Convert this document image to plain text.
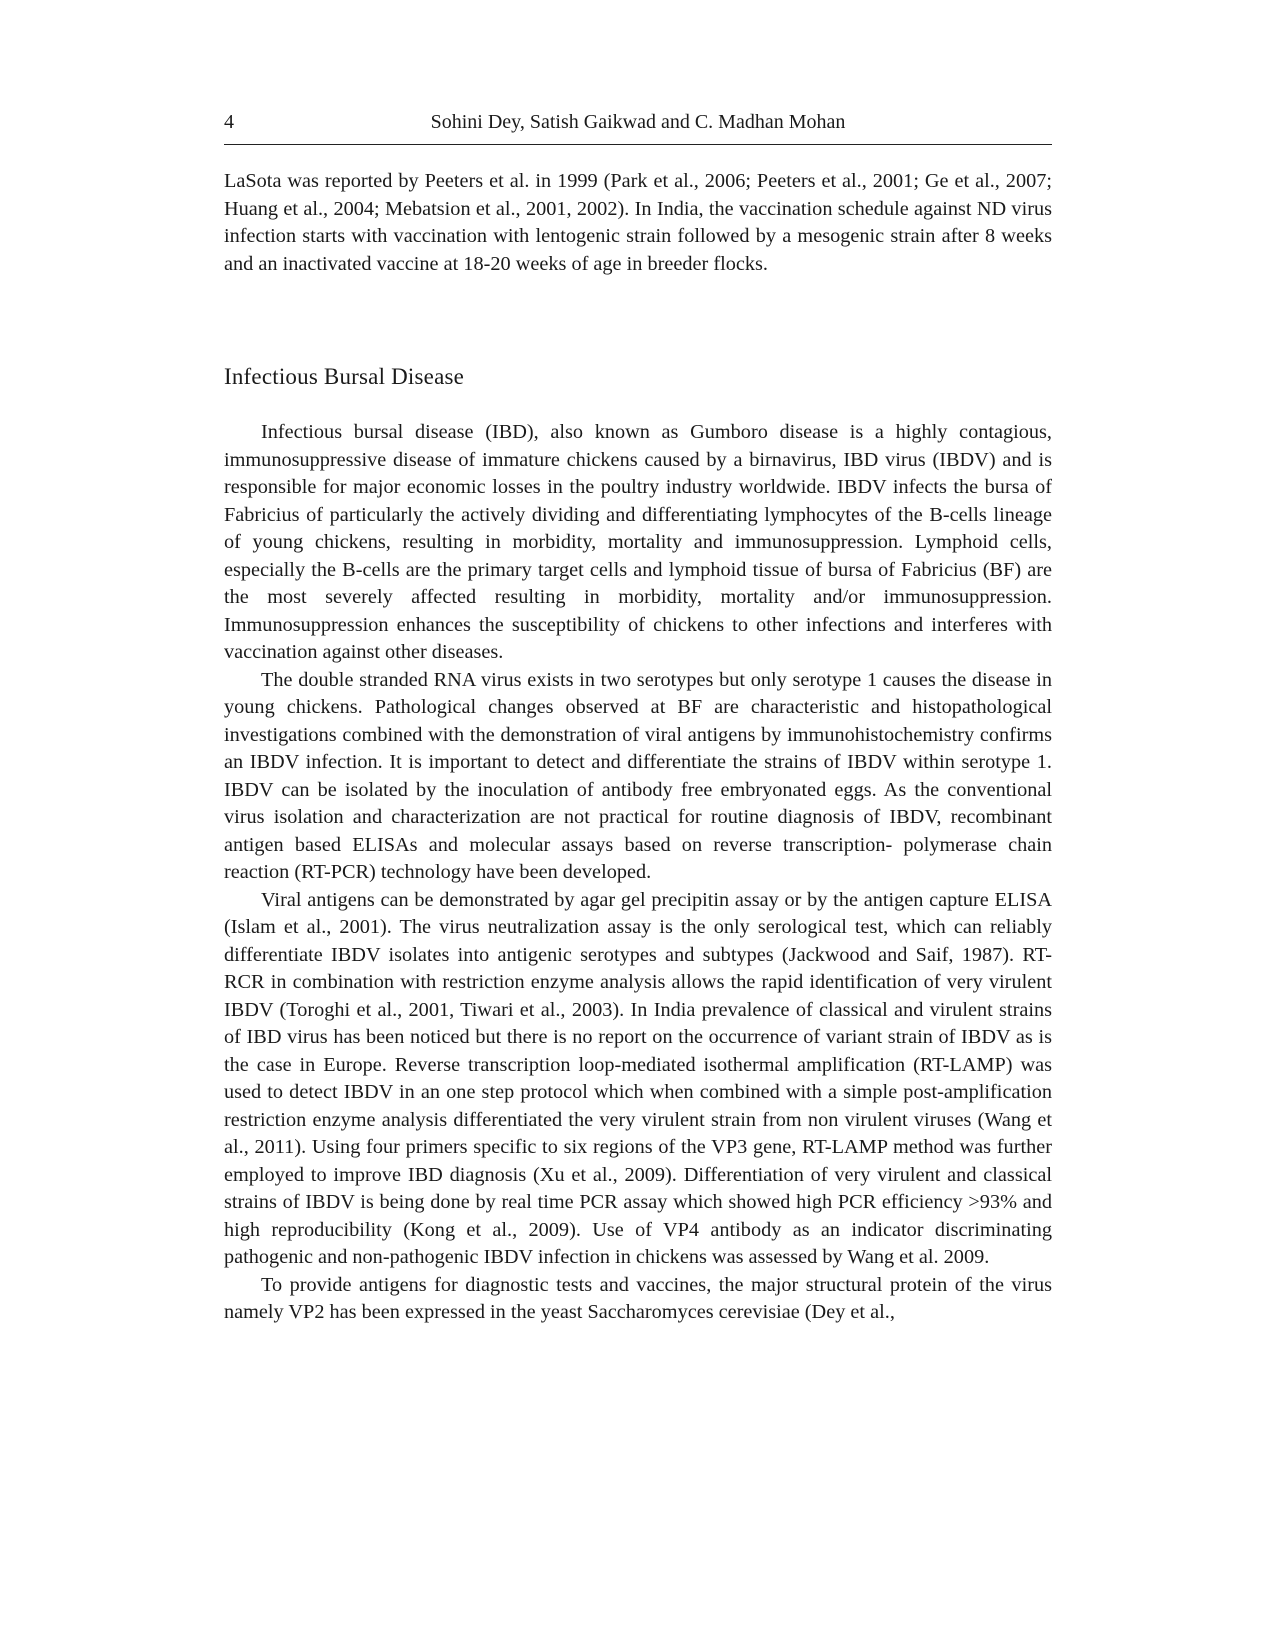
4	Sohini Dey, Satish Gaikwad and C. Madhan Mohan

LaSota was reported by Peeters et al. in 1999 (Park et al., 2006; Peeters et al., 2001; Ge et al., 2007; Huang et al., 2004; Mebatsion et al., 2001, 2002). In India, the vaccination schedule against ND virus infection starts with vaccination with lentogenic strain followed by a mesogenic strain after 8 weeks and an inactivated vaccine at 18-20 weeks of age in breeder flocks.

Infectious Bursal Disease

Infectious bursal disease (IBD), also known as Gumboro disease is a highly contagious, immunosuppressive disease of immature chickens caused by a birnavirus, IBD virus (IBDV) and is responsible for major economic losses in the poultry industry worldwide. IBDV infects the bursa of Fabricius of particularly the actively dividing and differentiating lymphocytes of the B-cells lineage of young chickens, resulting in morbidity, mortality and immunosuppression. Lymphoid cells, especially the B-cells are the primary target cells and lymphoid tissue of bursa of Fabricius (BF) are the most severely affected resulting in morbidity, mortality and/or immunosuppression. Immunosuppression enhances the susceptibility of chickens to other infections and interferes with vaccination against other diseases.

The double stranded RNA virus exists in two serotypes but only serotype 1 causes the disease in young chickens. Pathological changes observed at BF are characteristic and histopathological investigations combined with the demonstration of viral antigens by immunohistochemistry confirms an IBDV infection. It is important to detect and differentiate the strains of IBDV within serotype 1. IBDV can be isolated by the inoculation of antibody free embryonated eggs. As the conventional virus isolation and characterization are not practical for routine diagnosis of IBDV, recombinant antigen based ELISAs and molecular assays based on reverse transcription- polymerase chain reaction (RT-PCR) technology have been developed.

Viral antigens can be demonstrated by agar gel precipitin assay or by the antigen capture ELISA (Islam et al., 2001). The virus neutralization assay is the only serological test, which can reliably differentiate IBDV isolates into antigenic serotypes and subtypes (Jackwood and Saif, 1987). RT-RCR in combination with restriction enzyme analysis allows the rapid identification of very virulent IBDV (Toroghi et al., 2001, Tiwari et al., 2003). In India prevalence of classical and virulent strains of IBD virus has been noticed but there is no report on the occurrence of variant strain of IBDV as is the case in Europe. Reverse transcription loop-mediated isothermal amplification (RT-LAMP) was used to detect IBDV in an one step protocol which when combined with a simple post-amplification restriction enzyme analysis differentiated the very virulent strain from non virulent viruses (Wang et al., 2011). Using four primers specific to six regions of the VP3 gene, RT-LAMP method was further employed to improve IBD diagnosis (Xu et al., 2009). Differentiation of very virulent and classical strains of IBDV is being done by real time PCR assay which showed high PCR efficiency >93% and high reproducibility (Kong et al., 2009). Use of VP4 antibody as an indicator discriminating pathogenic and non-pathogenic IBDV infection in chickens was assessed by Wang et al. 2009.

To provide antigens for diagnostic tests and vaccines, the major structural protein of the virus namely VP2 has been expressed in the yeast Saccharomyces cerevisiae (Dey et al.,
